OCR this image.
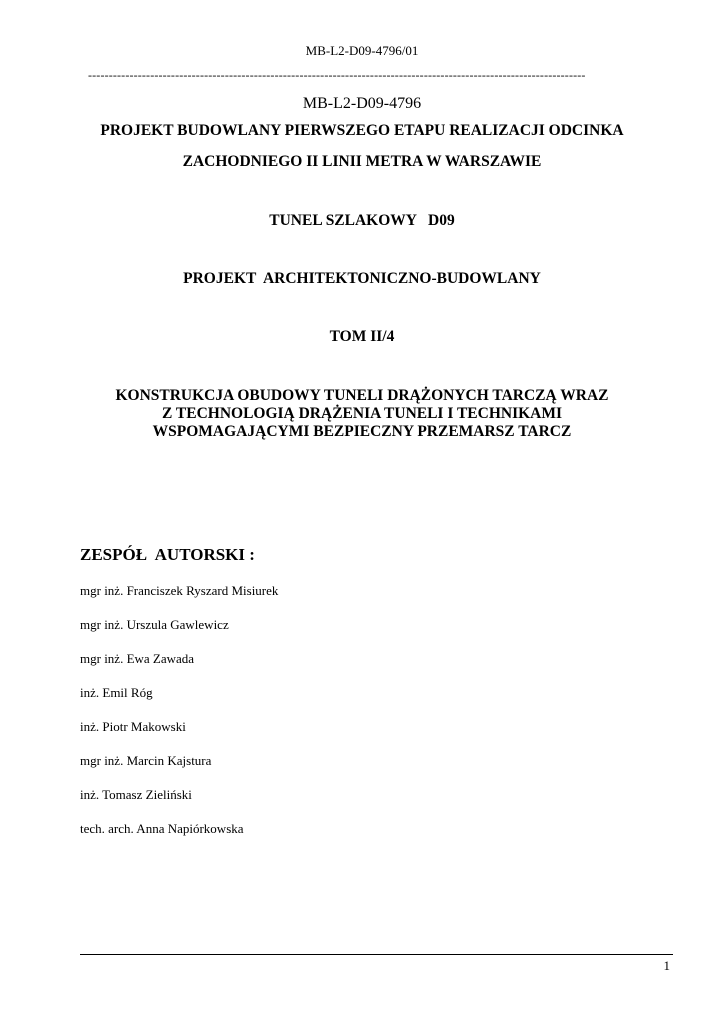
MB-L2-D09-4796/01
------------------------------------------------------------------------------------------------------------------------
MB-L2-D09-4796
PROJEKT BUDOWLANY PIERWSZEGO ETAPU REALIZACJI ODCINKA
ZACHODNIEGO II LINII METRA W WARSZAWIE
TUNEL SZLAKOWY   D09
PROJEKT  ARCHITEKTONICZNO-BUDOWLANY
TOM II/4
KONSTRUKCJA OBUDOWY TUNELI DRĄŻONYCH TARCZĄ WRAZ
Z TECHNOLOGIĄ DRĄŻENIA TUNELI I TECHNIKAMI
WSPOMAGAJĄCYMI BEZPIECZNY PRZEMARSZ TARCZ
ZESPÓŁ  AUTORSKI :
mgr inż. Franciszek Ryszard Misiurek
mgr inż. Urszula Gawlewicz
mgr inż. Ewa Zawada
inż. Emil Róg
inż. Piotr Makowski
mgr inż. Marcin Kajstura
inż. Tomasz Zieliński
tech. arch. Anna Napiórkowska
1
